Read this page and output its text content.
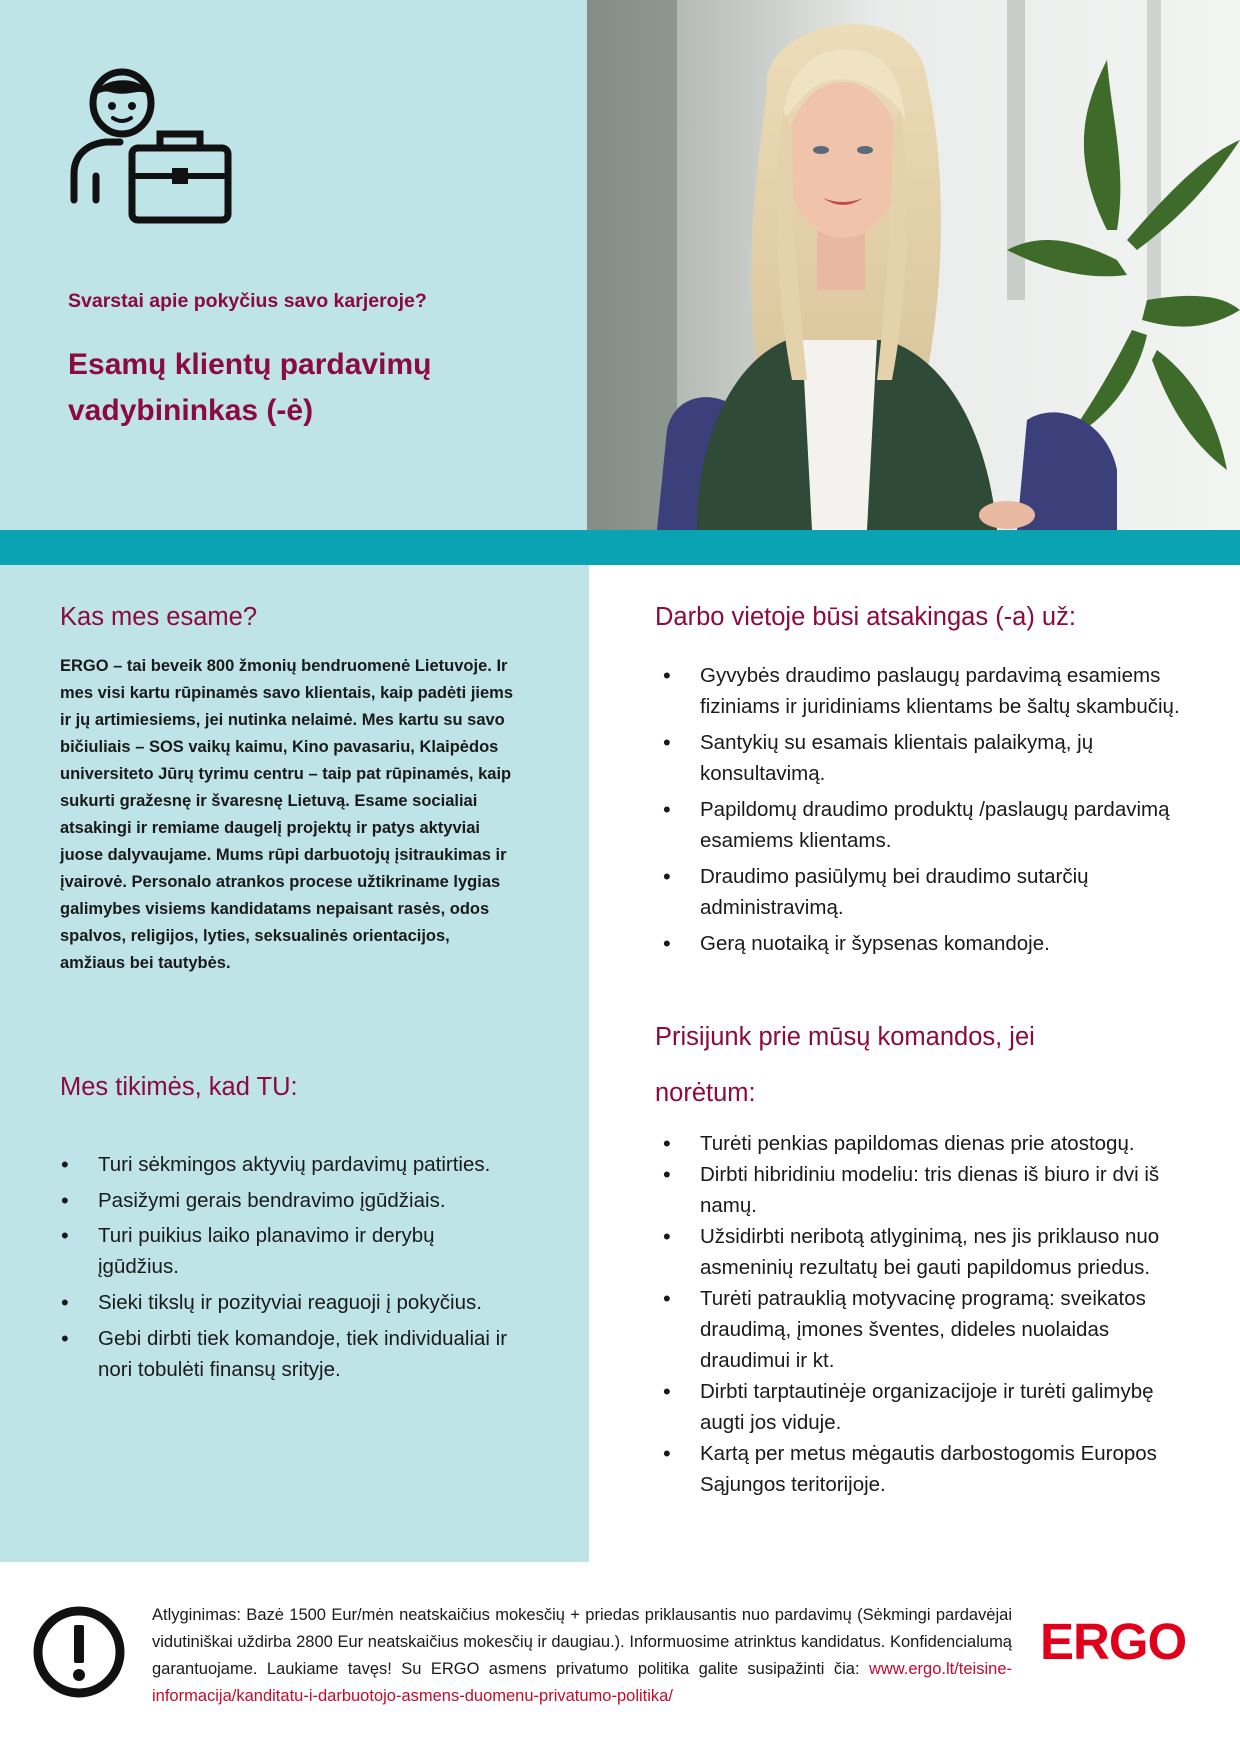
Svarstai apie pokyčius savo karjeroje?
Esamų klientų pardavimų
vadybininkas (-ė)
Kas mes esame?

ERGO – tai beveik 800 žmonių bendruomenė Lietuvoje. Ir mes visi kartu rūpinamės savo klientais, kaip padėti jiems ir jų artimiesiems, jei nutinka nelaimė. Mes kartu su savo bičiuliais – SOS vaikų kaimu, Kino pavasariu, Klaipėdos universiteto Jūrų tyrimu centru – taip pat rūpinamės, kaip sukurti gražesnę ir švaresnę Lietuvą. Esame socialiai atsakingi ir remiame daugelį projektų ir patys aktyviai juose dalyvaujame. Mums rūpi darbuotojų įsitraukimas ir įvairovė. Personalo atrankos procese užtikriname lygias galimybes visiems kandidatams nepaisant rasės, odos spalvos, religijos, lyties, seksualinės orientacijos, amžiaus bei tautybės.

Mes tikimės, kad TU:
• Turi sėkmingos aktyvių pardavimų patirties.
• Pasižymi gerais bendravimo įgūdžiais.
• Turi puikius laiko planavimo ir derybų įgūdžius.
• Sieki tikslų ir pozityviai reaguoji į pokyčius.
• Gebi dirbti tiek komandoje, tiek individualiai ir nori tobulėti finansų srityje.
Darbo vietoje būsi atsakingas (-a) už:
• Gyvybės draudimo paslaugų pardavimą esamiems fiziniams ir juridiniams klientams be šaltų skambučių.
• Santykių su esamais klientais palaikymą, jų konsultavimą.
• Papildomų draudimo produktų /paslaugų pardavimą esamiems klientams.
• Draudimo pasiūlymų bei draudimo sutarčių administravimą.
• Gerą nuotaiką ir šypsenas komandoje.
Prisijunk prie mūsų komandos, jei
norėtum:
• Turėti penkias papildomas dienas prie atostogų.
• Dirbti hibridiniu modeliu: tris dienas iš biuro ir dvi iš namų.
• Užsidirbti neribotą atlyginimą, nes jis priklauso nuo asmeninių rezultatų bei gauti papildomus priedus.
• Turėti patrauklią motyvacinę programą: sveikatos draudimą, įmones šventes, dideles nuolaidas draudimui ir kt.
• Dirbti tarptautinėje organizacijoje ir turėti galimybę augti jos viduje.
• Kartą per metus mėgautis darbostogomis Europos Sąjungos teritorijoje.

Atlyginimas: Bazė 1500 Eur/mėn neatskaičius mokesčių + priedas priklausantis nuo pardavimų (Sėkmingi pardavėjai vidutiniškai uždirba 2800 Eur neatskaičius mokesčių ir daugiau.). Informuosime atrinktus kandidatus. Konfidencialumą garantuojame. Laukiame tavęs! Su ERGO asmens privatumo politika galite susipažinti čia: www.ergo.lt/teisine-informacija/kanditatu-i-darbuotojo-asmens-duomenu-privatumo-politika/

ERGO
